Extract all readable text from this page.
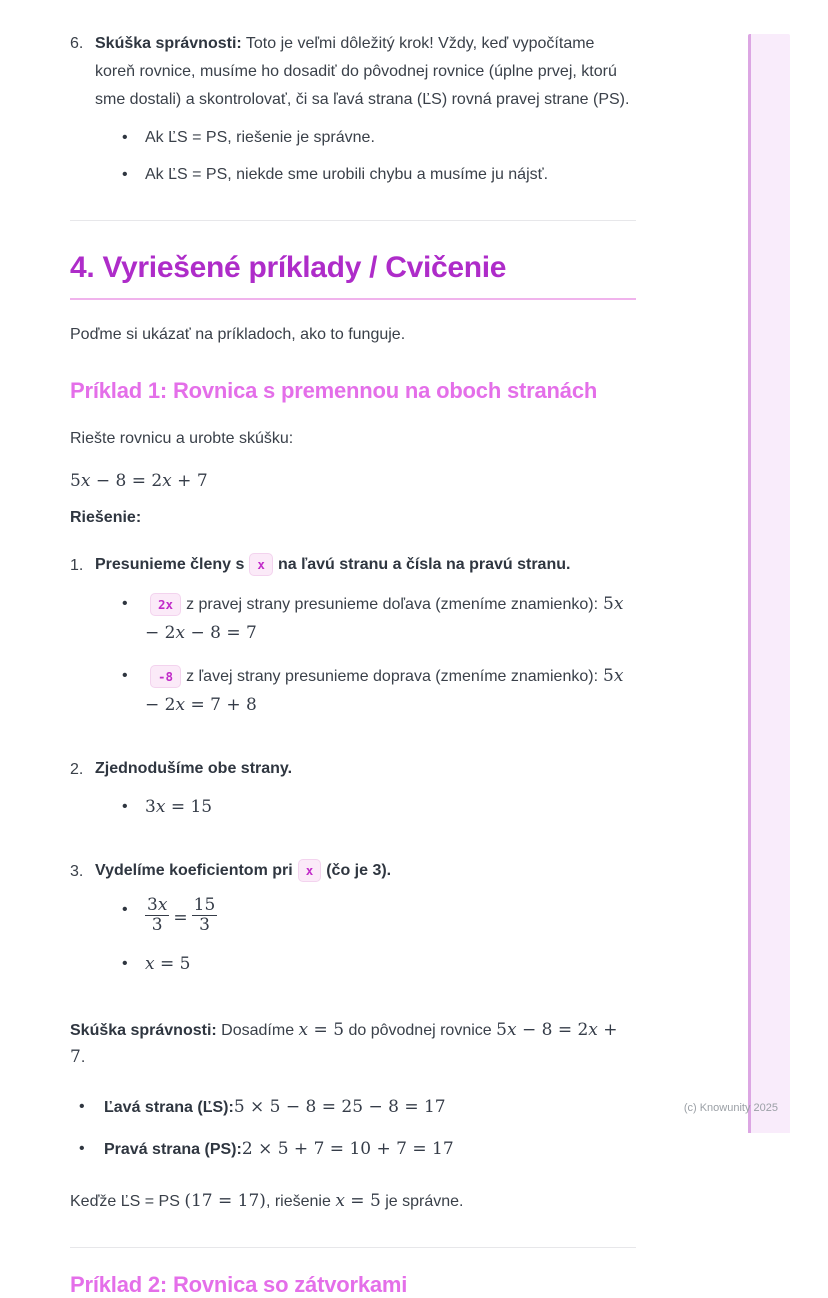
(c) Knowunity 2025
6. Skúška správnosti: Toto je veľmi dôležitý krok! Vždy, keď vypočítame koreň rovnice, musíme ho dosadiť do pôvodnej rovnice (úplne prvej, ktorú sme dostali) a skontrolovať, či sa ľavá strana (ĽS) rovná pravej strane (PS).
• Ak ĽS = PS, riešenie je správne.
• Ak ĽS = PS, niekde sme urobili chybu a musíme ju nájsť.
4. Vyriešené príklady / Cvičenie

Poďme si ukázať na príkladoch, ako to funguje.

Príklad 1: Rovnica s premennou na oboch stranách

Riešte rovnicu a urobte skúšku:

5x − 8 = 2x + 7

Riešenie:

1. Presunieme členy s x na ľavú stranu a čísla na pravú stranu.
• 2x z pravej strany presunieme doľava (zmeníme znamienko): 5x − 2x − 8 = 7
• -8 z ľavej strany presunieme doprava (zmeníme znamienko): 5x − 2x = 7 + 8
2. Zjednodušíme obe strany.
• 3x = 15
3. Vydelíme koeficientom pri x (čo je 3).
• $\frac{3x}{3} = \frac{15}{3}$
• x = 5

Skúška správnosti: Dosadíme x = 5 do pôvodnej rovnice 5x − 8 = 2x + 7.

• Ľavá strana (ĽS):5 × 5 − 8 = 25 − 8 = 17
• Pravá strana (PS):2 × 5 + 7 = 10 + 7 = 17

Keďže ĽS = PS (17 = 17), riešenie x = 5 je správne.

Príklad 2: Rovnica so zátvorkami
